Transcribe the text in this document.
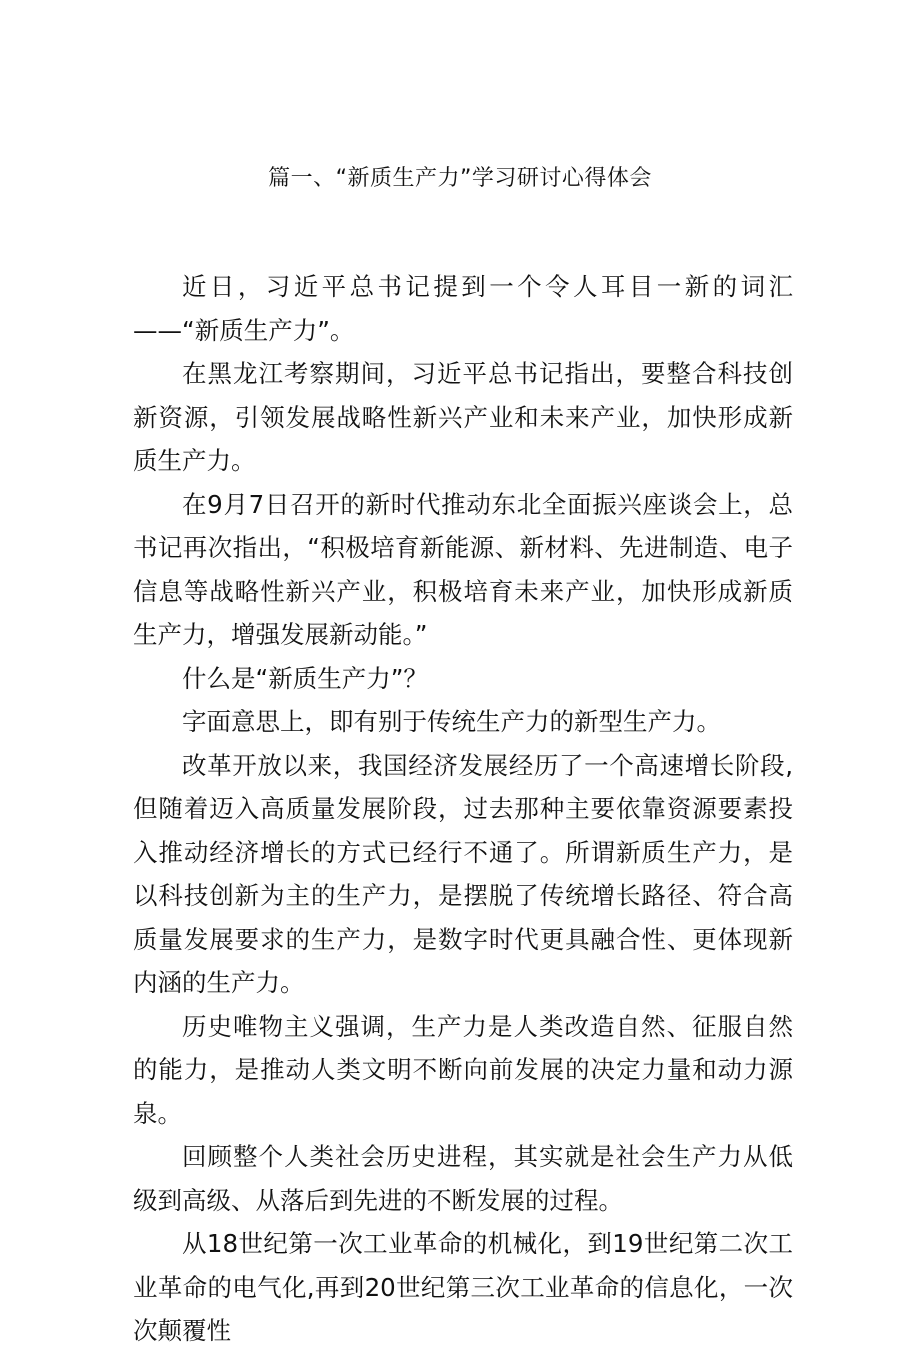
篇一、“新质生产力”学习研讨心得体会

近日，习近平总书记提到一个令人耳目一新的词汇——“新质生产力”。

在黑龙江考察期间，习近平总书记指出，要整合科技创新资源，引领发展战略性新兴产业和未来产业，加快形成新质生产力。

在9月7日召开的新时代推动东北全面振兴座谈会上，总书记再次指出，“积极培育新能源、新材料、先进制造、电子信息等战略性新兴产业，积极培育未来产业，加快形成新质生产力，增强发展新动能。”

什么是“新质生产力”？

字面意思上，即有别于传统生产力的新型生产力。

改革开放以来，我国经济发展经历了一个高速增长阶段,但随着迈入高质量发展阶段，过去那种主要依靠资源要素投入推动经济增长的方式已经行不通了。所谓新质生产力，是以科技创新为主的生产力，是摆脱了传统增长路径、符合高质量发展要求的生产力，是数字时代更具融合性、更体现新内涵的生产力。

历史唯物主义强调，生产力是人类改造自然、征服自然的能力，是推动人类文明不断向前发展的决定力量和动力源泉。

回顾整个人类社会历史进程，其实就是社会生产力从低级到高级、从落后到先进的不断发展的过程。

从18世纪第一次工业革命的机械化，到19世纪第二次工业革命的电气化,再到20世纪第三次工业革命的信息化，一次次颠覆性
